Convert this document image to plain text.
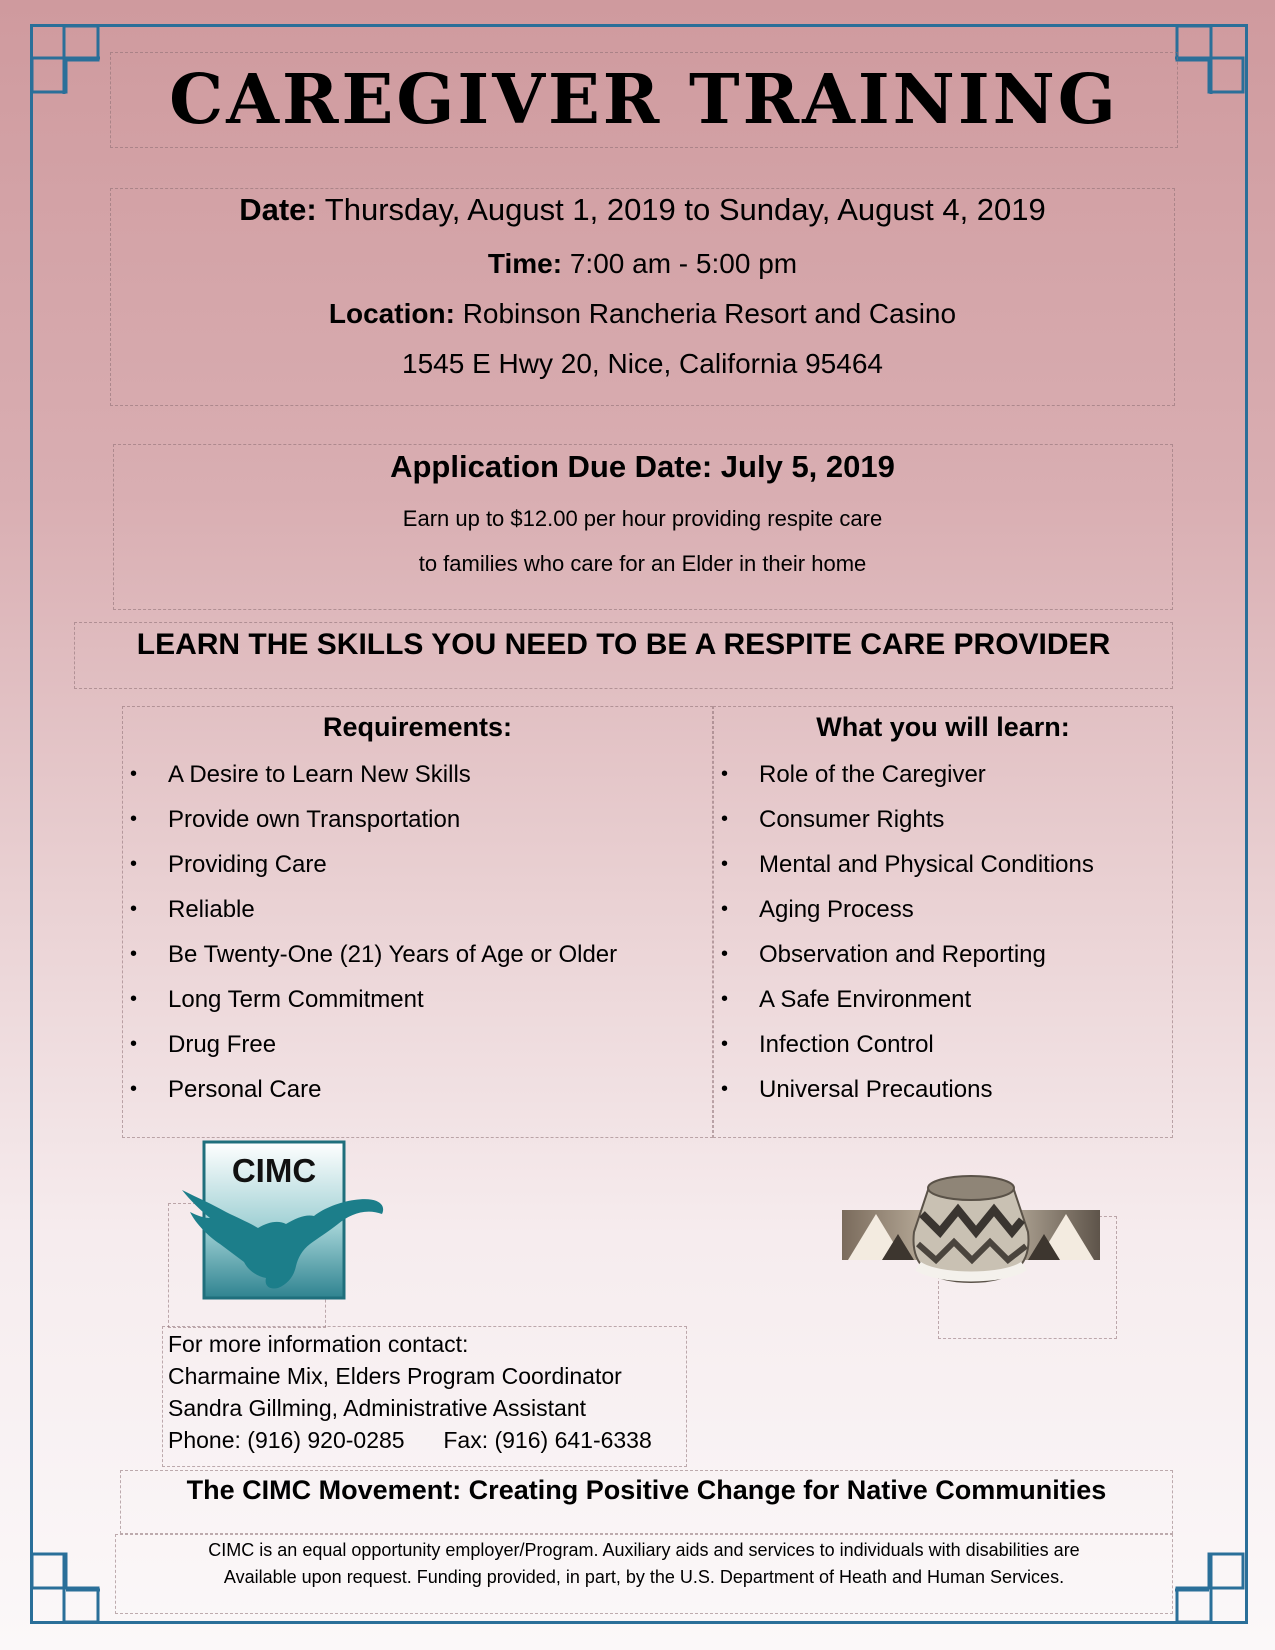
CAREGIVER TRAINING
Date: Thursday, August 1, 2019 to Sunday, August 4, 2019
Time: 7:00 am - 5:00 pm
Location: Robinson Rancheria Resort and Casino
1545 E Hwy 20, Nice, California 95464
Application Due Date: July 5, 2019
Earn up to $12.00 per hour providing respite care
to families who care for an Elder in their home
LEARN THE SKILLS YOU NEED TO BE A RESPITE CARE PROVIDER
Requirements:
• A Desire to Learn New Skills
• Provide own Transportation
• Providing Care
• Reliable
• Be Twenty-One (21) Years of Age or Older
• Long Term Commitment
• Drug Free
• Personal Care
What you will learn:
• Role of the Caregiver
• Consumer Rights
• Mental and Physical Conditions
• Aging Process
• Observation and Reporting
• A Safe Environment
• Infection Control
• Universal Precautions
CIMC
For more information contact:
Charmaine Mix, Elders Program Coordinator
Sandra Gillming, Administrative Assistant
Phone: (916) 920-0285 Fax: (916) 641-6338
The CIMC Movement: Creating Positive Change for Native Communities
CIMC is an equal opportunity employer/Program. Auxiliary aids and services to individuals with disabilities are
Available upon request. Funding provided, in part, by the U.S. Department of Heath and Human Services.
